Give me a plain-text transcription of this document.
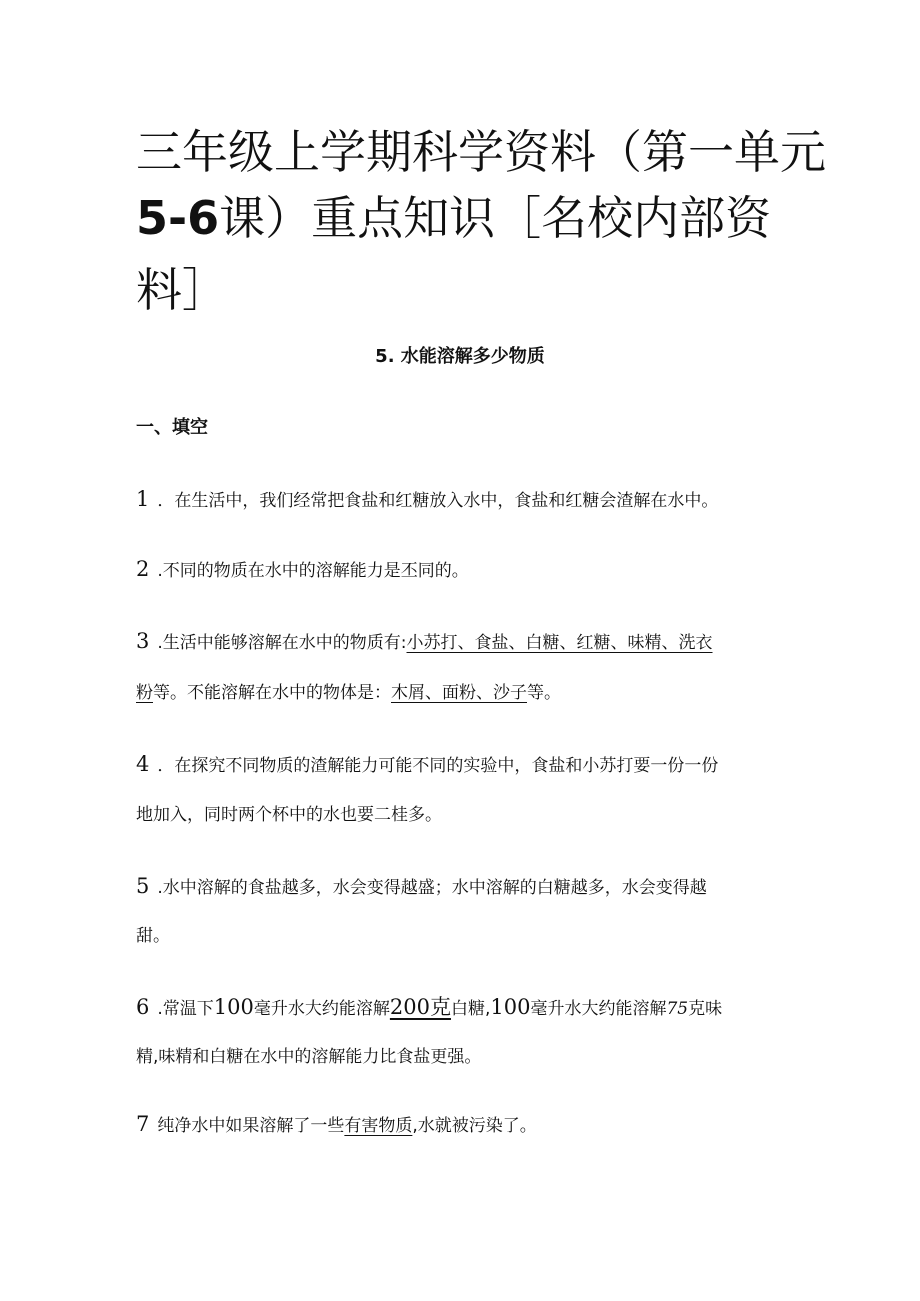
三年级上学期科学资料（第一单元
5-6课）重点知识［名校内部资
料］
5. 水能溶解多少物质
一、填空
1 ．在生活中，我们经常把食盐和红糖放入水中，食盐和红糖会渣解在水中。
2 .不同的物质在水中的溶解能力是丕同的。
3 .生活中能够溶解在水中的物质有:小苏打、食盐、白糖、红糖、味精、洗衣
粉等。不能溶解在水中的物体是：木屑、面粉、沙子等。
4 ．在探究不同物质的渣解能力可能不同的实验中，食盐和小苏打要一份一份
地加入，同时两个杯中的水也要二桂多。
5 .水中溶解的食盐越多，水会变得越盛；水中溶解的白糖越多，水会变得越
甜。
6 .常温下100毫升水大约能溶解200克白糖,100毫升水大约能溶解75克味
精,味精和白糖在水中的溶解能力比食盐更强。
7 纯净水中如果溶解了一些有害物质,水就被污染了。
